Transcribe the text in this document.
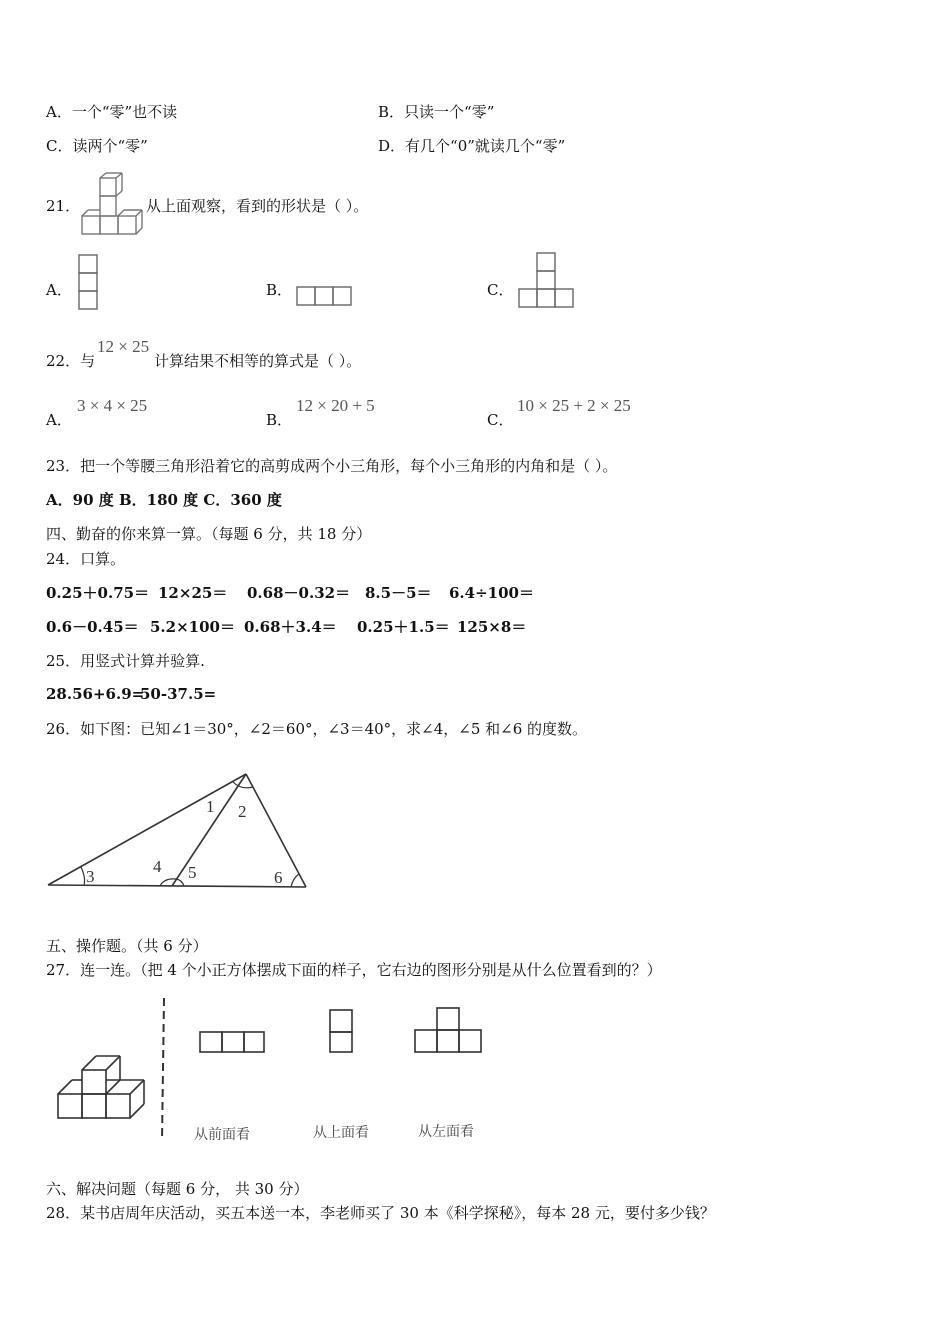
A．一个“零”也不读	B．只读一个“零”
C．读两个“零”	D．有几个“0”就读几个“零”
21．	从上面观察，看到的形状是（ ）。
A．	B．	C．
22．与
12 × 25
计算结果不相等的算式是（ ）。
A．
3 × 4 × 25
B．
12 × 20 + 5
C．
10 × 25 + 2 × 25
23．把一个等腰三角形沿着它的高剪成两个小三角形，每个小三角形的内角和是（ ）。
A．90 度 B．180 度 C．360 度
四、勤奋的你来算一算。（每题 6 分，共 18 分）
24．口算。
0.25＋0.75＝ 12×25＝ 0.68－0.32＝ 8.5－5＝ 6.4÷100＝
0.6－0.45＝ 5.2×100＝ 0.68＋3.4＝ 0.25＋1.5＝ 125×8＝
25．用竖式计算并验算.
28.56+6.9=
50-37.5=
26．如下图：已知∠1＝30°，∠2＝60°，∠3＝40°，求∠4，∠5 和∠6 的度数。
1 2
3
4 5	6
五、操作题。（共 6 分）
27．连一连。（把 4 个小正方体摆成下面的样子，它右边的图形分别是从什么位置看到的？）
从前面看	从上面看	从左面看
六、解决问题（每题 6 分， 共 30 分）
28．某书店周年庆活动，买五本送一本，李老师买了 30 本《科学探秘》，每本 28 元，要付多少钱？
